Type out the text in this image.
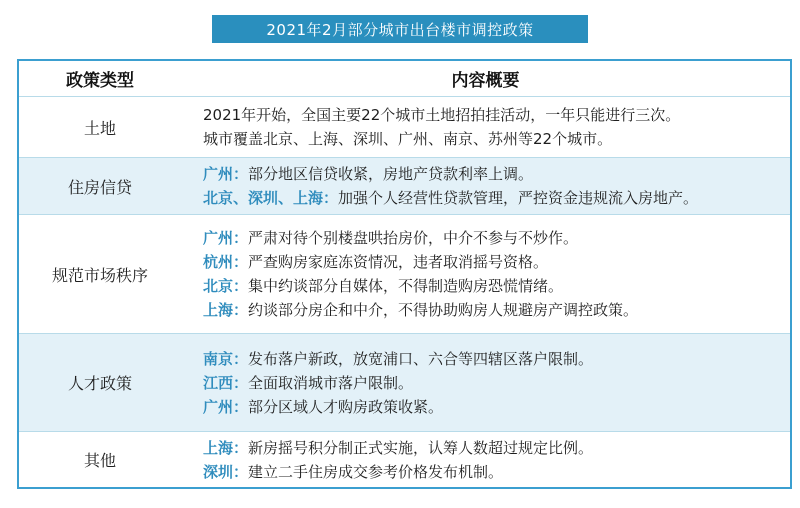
2021年2月部分城市出台楼市调控政策
政策类型	内容概要
土地
2021年开始，全国主要22个城市土地招拍挂活动，一年只能进行三次。
城市覆盖北京、上海、深圳、广州、南京、苏州等22个城市。
住房信贷
广州：部分地区信贷收紧，房地产贷款利率上调。
北京、深圳、上海：加强个人经营性贷款管理，严控资金违规流入房地产。
规范市场秩序
广州：严肃对待个别楼盘哄抬房价，中介不参与不炒作。
杭州：严查购房家庭冻资情况，违者取消摇号资格。
北京：集中约谈部分自媒体，不得制造购房恐慌情绪。
上海：约谈部分房企和中介，不得协助购房人规避房产调控政策。
人才政策
南京：发布落户新政，放宽浦口、六合等四辖区落户限制。
江西：全面取消城市落户限制。
广州：部分区域人才购房政策收紧。
其他
上海：新房摇号积分制正式实施，认筹人数超过规定比例。
深圳：建立二手住房成交参考价格发布机制。
